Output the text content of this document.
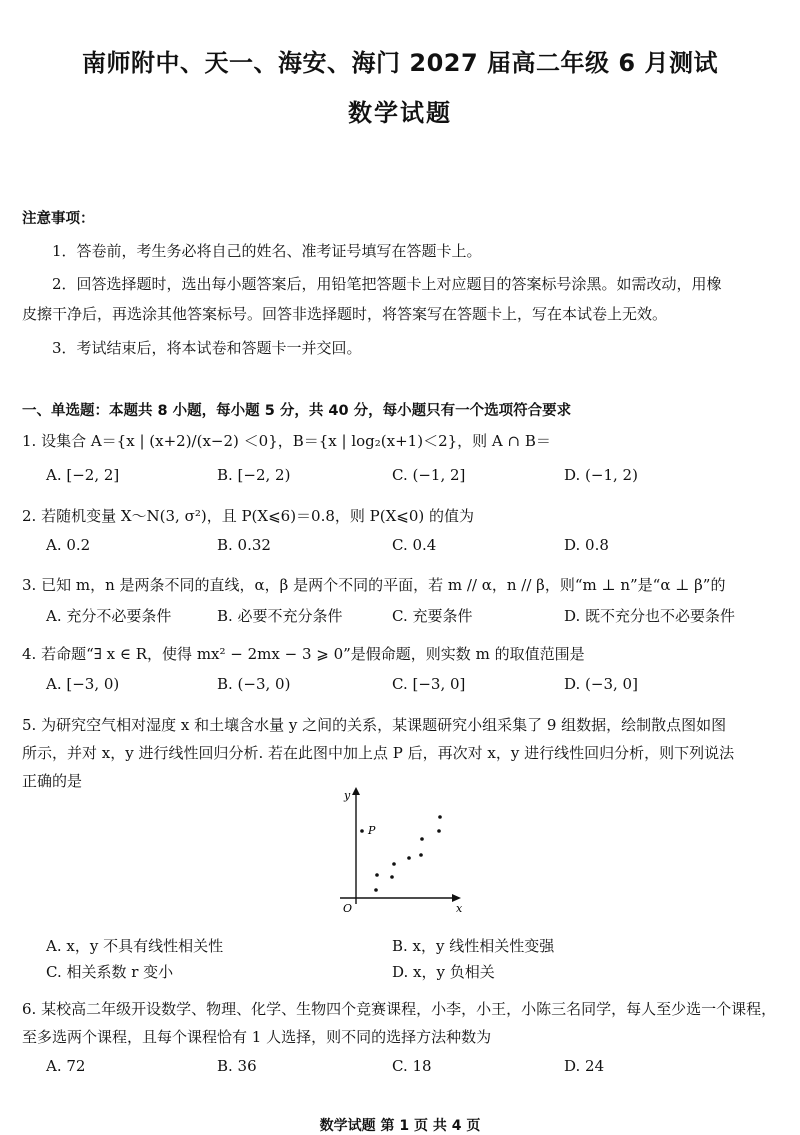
南师附中、天一、海安、海门 2027 届高二年级 6 月测试
数学试题
注意事项：
1．答卷前，考生务必将自己的姓名、准考证号填写在答题卡上。
2．回答选择题时，选出每小题答案后，用铅笔把答题卡上对应题目的答案标号涂黑。如需改动，用橡
皮擦干净后，再选涂其他答案标号。回答非选择题时，将答案写在答题卡上，写在本试卷上无效。
3．考试结束后，将本试卷和答题卡一并交回。
一、单选题：本题共 8 小题，每小题 5 分，共 40 分，每小题只有一个选项符合要求
1. 设集合 A＝{x | (x+2)/(x−2) ＜0}，B＝{x | log₂(x+1)＜2}，则 A ∩ B＝
A. [−2, 2]	B. [−2, 2)	C. (−1, 2]	D. (−1, 2)
2. 若随机变量 X～N(3, σ²)，且 P(X⩽6)＝0.8，则 P(X⩽0) 的值为
A. 0.2	B. 0.32	C. 0.4	D. 0.8
3. 已知 m，n 是两条不同的直线，α，β 是两个不同的平面，若 m // α，n // β，则“m ⊥ n”是“α ⊥ β”的
A. 充分不必要条件	B. 必要不充分条件	C. 充要条件	D. 既不充分也不必要条件
4. 若命题“∃ x ∈ R，使得 mx² − 2mx − 3 ⩾ 0”是假命题，则实数 m 的取值范围是
A. [−3, 0)	B. (−3, 0)	C. [−3, 0]	D. (−3, 0]
5. 为研究空气相对湿度 x 和土壤含水量 y 之间的关系，某课题研究小组采集了 9 组数据，绘制散点图如图
所示，并对 x，y 进行线性回归分析. 若在此图中加上点 P 后，再次对 x，y 进行线性回归分析，则下列说法
正确的是
y
x
O
P
A. x，y 不具有线性相关性	B. x，y 线性相关性变强
C. 相关系数 r 变小	D. x，y 负相关
6. 某校高二年级开设数学、物理、化学、生物四个竞赛课程，小李，小王，小陈三名同学，每人至少选一个课程，
至多选两个课程，且每个课程恰有 1 人选择，则不同的选择方法种数为
A. 72	B. 36	C. 18	D. 24
数学试题 第 1 页 共 4 页
